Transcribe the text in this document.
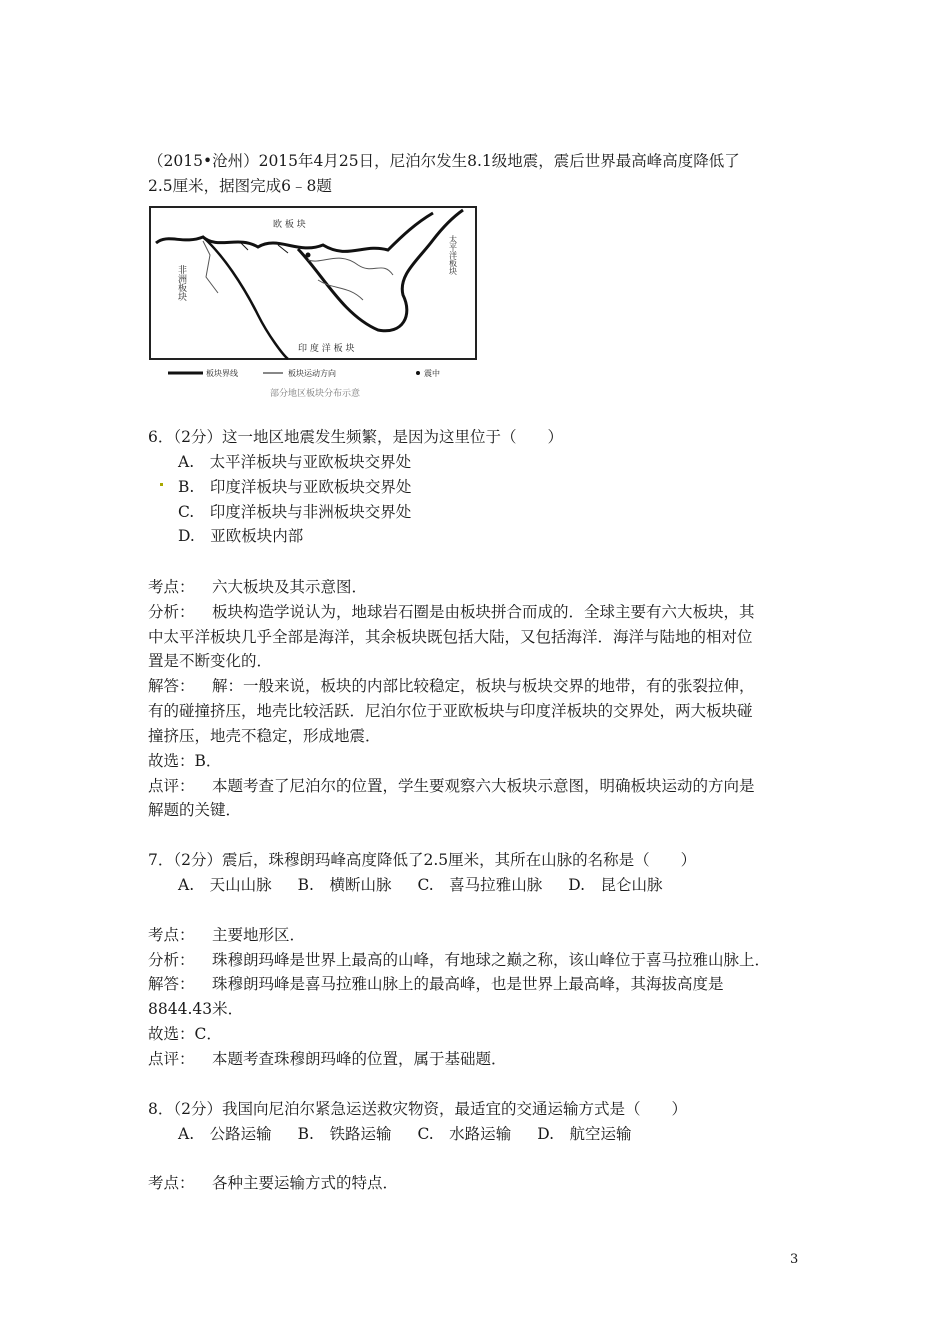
（2015•沧州）2015年4月25日，尼泊尔发生8.1级地震，震后世界最高峰高度降低了
2.5厘米，据图完成6﹣8题
欧 板 块
太平洋板块
非洲板块
印 度 洋 板 块
板块界线	板块运动方向	震中
部分地区板块分布示意
6．（2分）这一地区地震发生频繁，是因为这里位于（　　）
A.　太平洋板块与亚欧板块交界处
B.　印度洋板块与亚欧板块交界处
C.　印度洋板块与非洲板块交界处
D.　亚欧板块内部
考点： 六大板块及其示意图．
分析： 板块构造学说认为，地球岩石圈是由板块拼合而成的．全球主要有六大板块，其
中太平洋板块几乎全部是海洋，其余板块既包括大陆，又包括海洋．海洋与陆地的相对位
置是不断变化的．
解答： 解：一般来说，板块的内部比较稳定，板块与板块交界的地带，有的张裂拉伸，
有的碰撞挤压，地壳比较活跃．尼泊尔位于亚欧板块与印度洋板块的交界处，两大板块碰
撞挤压，地壳不稳定，形成地震．
故选：B．
点评： 本题考查了尼泊尔的位置，学生要观察六大板块示意图，明确板块运动的方向是
解题的关键．
7．（2分）震后，珠穆朗玛峰高度降低了2.5厘米，其所在山脉的名称是（　　）
A.　天山山脉 B.　横断山脉 C.　喜马拉雅山脉 D.　昆仑山脉
考点： 主要地形区．
分析： 珠穆朗玛峰是世界上最高的山峰，有地球之巅之称，该山峰位于喜马拉雅山脉上．
解答： 珠穆朗玛峰是喜马拉雅山脉上的最高峰，也是世界上最高峰，其海拔高度是
8844.43米．
故选：C．
点评： 本题考查珠穆朗玛峰的位置，属于基础题．
8．（2分）我国向尼泊尔紧急运送救灾物资，最适宜的交通运输方式是（　　）
A.　公路运输 B.　铁路运输 C.　水路运输 D.　航空运输
考点： 各种主要运输方式的特点．
3
